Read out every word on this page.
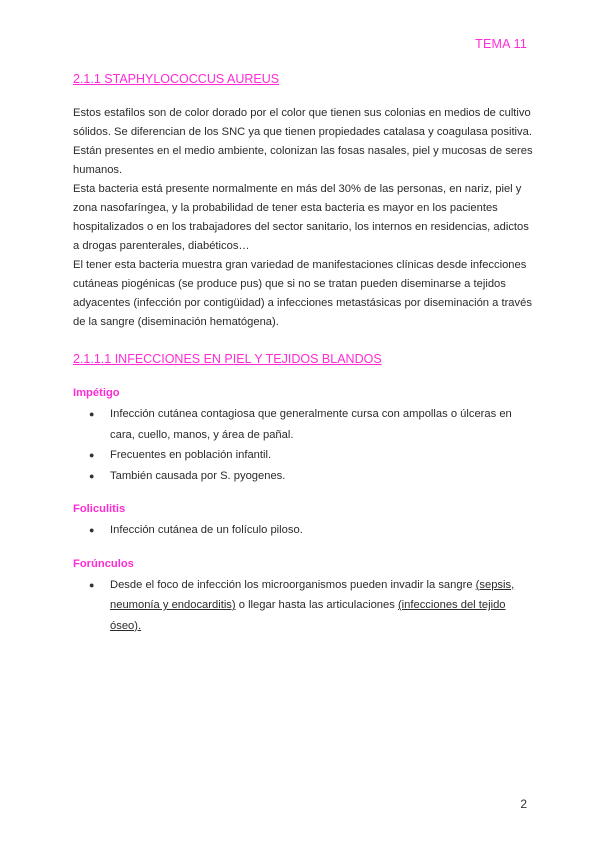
TEMA 11
2.1.1 STAPHYLOCOCCUS AUREUS

Estos estafilos son de color dorado por el color que tienen sus colonias en medios de cultivo sólidos. Se diferencian de los SNC ya que tienen propiedades catalasa y coagulasa positiva. Están presentes en el medio ambiente, colonizan las fosas nasales, piel y mucosas de seres humanos.

Esta bacteria está presente normalmente en más del 30% de las personas, en nariz, piel y zona nasofaríngea, y la probabilidad de tener esta bacteria es mayor en los pacientes hospitalizados o en los trabajadores del sector sanitario, los internos en residencias, adictos a drogas parenterales, diabéticos…

El tener esta bacteria muestra gran variedad de manifestaciones clínicas desde infecciones cutáneas piogénicas (se produce pus) que si no se tratan pueden diseminarse a tejidos adyacentes (infección por contigüidad) a infecciones metastásicas por diseminación a través de la sangre (diseminación hematógena).

2.1.1.1 INFECCIONES EN PIEL Y TEJIDOS BLANDOS
Impétigo
● Infección cutánea contagiosa que generalmente cursa con ampollas o úlceras en cara, cuello, manos, y área de pañal.
● Frecuentes en población infantil.
● También causada por S. pyogenes.
Foliculitis
● Infección cutánea de un folículo piloso.
Forúnculos
● Desde el foco de infección los microorganismos pueden invadir la sangre (sepsis, neumonía y endocarditis) o llegar hasta las articulaciones (infecciones del tejido óseo).
2
